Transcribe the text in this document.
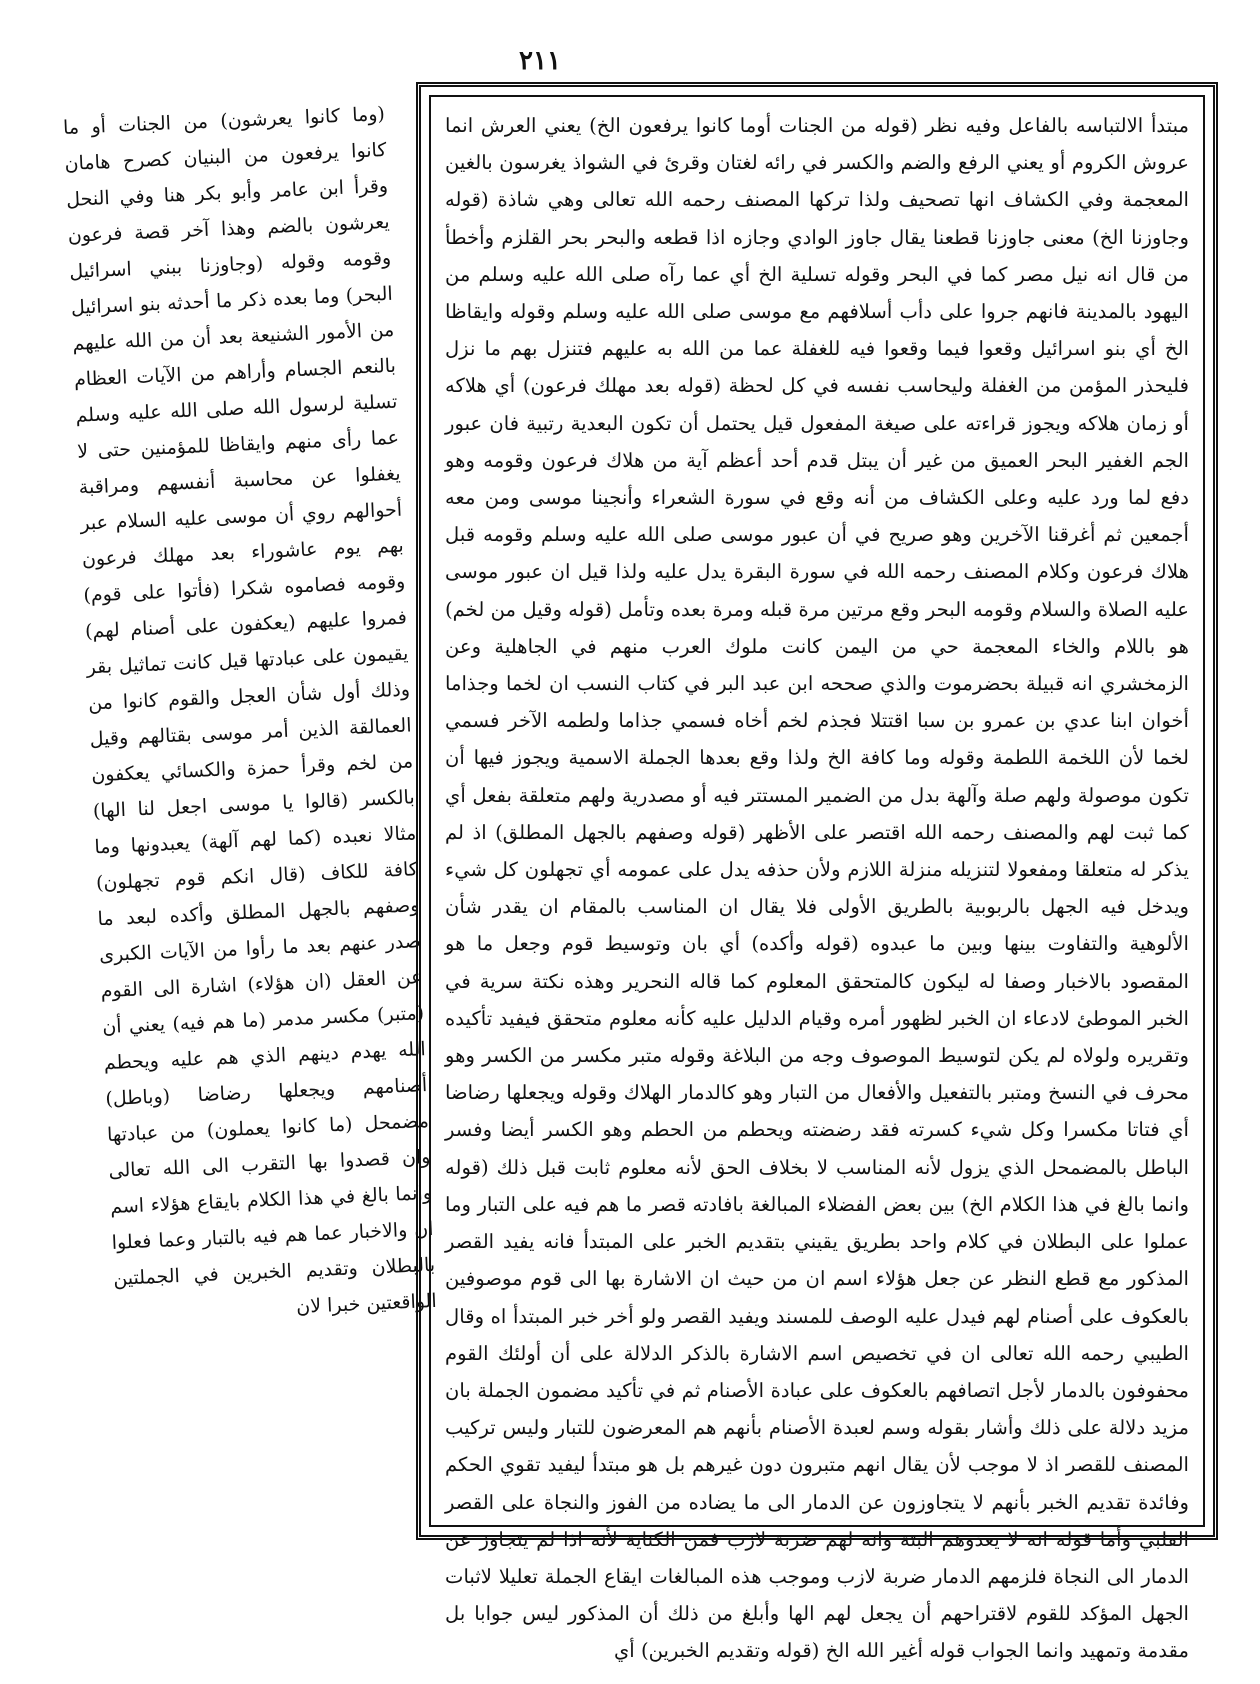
٢١١

(وما كانوا يعرشون) من الجنات أو ما كانوا يرفعون من البنيان كصرح هامان وقرأ ابن عامر وأبو بكر هنا وفي النحل يعرشون بالضم وهذا آخر قصة فرعون وقومه وقوله (وجاوزنا ببني اسرائيل البحر) وما بعده ذكر ما أحدثه بنو اسرائيل من الأمور الشنيعة بعد أن من الله عليهم بالنعم الجسام وأراهم من الآيات العظام تسلية لرسول الله صلى الله عليه وسلم عما رأى منهم وايقاظا للمؤمنين حتى لا يغفلوا عن محاسبة أنفسهم ومراقبة أحوالهم روي أن موسى عليه السلام عبر بهم يوم عاشوراء بعد مهلك فرعون وقومه فصاموه شكرا (فأتوا على قوم) فمروا عليهم (يعكفون على أصنام لهم) يقيمون على عبادتها قيل كانت تماثيل بقر وذلك أول شأن العجل والقوم كانوا من العمالقة الذين أمر موسى بقتالهم وقيل من لخم وقرأ حمزة والكسائي يعكفون بالكسر (قالوا يا موسى اجعل لنا الها) مثالا نعبده (كما لهم آلهة) يعبدونها وما كافة للكاف (قال انكم قوم تجهلون) وصفهم بالجهل المطلق وأكده لبعد ما صدر عنهم بعد ما رأوا من الآيات الكبرى عن العقل (ان هؤلاء) اشارة الى القوم (متبر) مكسر مدمر (ما هم فيه) يعني أن الله يهدم دينهم الذي هم عليه ويحطم أصنامهم ويجعلها رضاضا (وباطل) مضمحل (ما كانوا يعملون) من عبادتها وان قصدوا بها التقرب الى الله تعالى وانما بالغ في هذا الكلام بايقاع هؤلاء اسم ان والاخبار عما هم فيه بالتبار وعما فعلوا بالبطلان وتقديم الخبرين في الجملتين الواقعتين خبرا لان

مبتدأ الالتباسه بالفاعل وفيه نظر (قوله من الجنات أوما كانوا يرفعون الخ) يعني العرش انما عروش الكروم أو يعني الرفع والضم والكسر في رائه لغتان وقرئ في الشواذ يغرسون بالغين المعجمة وفي الكشاف انها تصحيف ولذا تركها المصنف رحمه الله تعالى وهي شاذة (قوله وجاوزنا الخ) معنى جاوزنا قطعنا يقال جاوز الوادي وجازه اذا قطعه والبحر بحر القلزم وأخطأ من قال انه نيل مصر كما في البحر وقوله تسلية الخ أي عما رآه صلى الله عليه وسلم من اليهود بالمدينة فانهم جروا على دأب أسلافهم مع موسى صلى الله عليه وسلم وقوله وايقاظا الخ أي بنو اسرائيل وقعوا فيما وقعوا فيه للغفلة عما من الله به عليهم فتنزل بهم ما نزل فليحذر المؤمن من الغفلة وليحاسب نفسه في كل لحظة (قوله بعد مهلك فرعون) أي هلاكه أو زمان هلاكه ويجوز قراءته على صيغة المفعول قيل يحتمل أن تكون البعدية رتبية فان عبور الجم الغفير البحر العميق من غير أن يبتل قدم أحد أعظم آية من هلاك فرعون وقومه وهو دفع لما ورد عليه وعلى الكشاف من أنه وقع في سورة الشعراء وأنجينا موسى ومن معه أجمعين ثم أغرقنا الآخرين وهو صريح في أن عبور موسى صلى الله عليه وسلم وقومه قبل هلاك فرعون وكلام المصنف رحمه الله في سورة البقرة يدل عليه ولذا قيل ان عبور موسى عليه الصلاة والسلام وقومه البحر وقع مرتين مرة قبله ومرة بعده وتأمل (قوله وقيل من لخم) هو باللام والخاء المعجمة حي من اليمن كانت ملوك العرب منهم في الجاهلية وعن الزمخشري انه قبيلة بحضرموت والذي صححه ابن عبد البر في كتاب النسب ان لخما وجذاما أخوان ابنا عدي بن عمرو بن سبا اقتتلا فجذم لخم أخاه فسمي جذاما ولطمه الآخر فسمي لخما لأن اللخمة اللطمة وقوله وما كافة الخ ولذا وقع بعدها الجملة الاسمية ويجوز فيها أن تكون موصولة ولهم صلة وآلهة بدل من الضمير المستتر فيه أو مصدرية ولهم متعلقة بفعل أي كما ثبت لهم والمصنف رحمه الله اقتصر على الأظهر (قوله وصفهم بالجهل المطلق) اذ لم يذكر له متعلقا ومفعولا لتنزيله منزلة اللازم ولأن حذفه يدل على عمومه أي تجهلون كل شيء ويدخل فيه الجهل بالربوبية بالطريق الأولى فلا يقال ان المناسب بالمقام ان يقدر شأن الألوهية والتفاوت بينها وبين ما عبدوه (قوله وأكده) أي بان وتوسيط قوم وجعل ما هو المقصود بالاخبار وصفا له ليكون كالمتحقق المعلوم كما قاله النحرير وهذه نكتة سرية في الخبر الموطئ لادعاء ان الخبر لظهور أمره وقيام الدليل عليه كأنه معلوم متحقق فيفيد تأكيده وتقريره ولولاه لم يكن لتوسيط الموصوف وجه من البلاغة وقوله متبر مكسر من الكسر وهو محرف في النسخ ومتبر بالتفعيل والأفعال من التبار وهو كالدمار الهلاك وقوله ويجعلها رضاضا أي فتاتا مكسرا وكل شيء كسرته فقد رضضته ويحطم من الحطم وهو الكسر أيضا وفسر الباطل بالمضمحل الذي يزول لأنه المناسب لا بخلاف الحق لأنه معلوم ثابت قبل ذلك (قوله وانما بالغ في هذا الكلام الخ) بين بعض الفضلاء المبالغة بافادته قصر ما هم فيه على التبار وما عملوا على البطلان في كلام واحد بطريق يقيني بتقديم الخبر على المبتدأ فانه يفيد القصر المذكور مع قطع النظر عن جعل هؤلاء اسم ان من حيث ان الاشارة بها الى قوم موصوفين بالعكوف على أصنام لهم فيدل عليه الوصف للمسند ويفيد القصر ولو أخر خبر المبتدأ اه وقال الطيبي رحمه الله تعالى ان في تخصيص اسم الاشارة بالذكر الدلالة على أن أولئك القوم محفوفون بالدمار لأجل اتصافهم بالعكوف على عبادة الأصنام ثم في تأكيد مضمون الجملة بان مزيد دلالة على ذلك وأشار بقوله وسم لعبدة الأصنام بأنهم هم المعرضون للتبار وليس تركيب المصنف للقصر اذ لا موجب لأن يقال انهم متبرون دون غيرهم بل هو مبتدأ ليفيد تقوي الحكم وفائدة تقديم الخبر بأنهم لا يتجاوزون عن الدمار الى ما يضاده من الفوز والنجاة على القصر القلبي وأما قوله انه لا يعدوهم البتة وانه لهم ضربة لازب فمن الكناية لأنه اذا لم يتجاوز عن الدمار الى النجاة فلزمهم الدمار ضربة لازب وموجب هذه المبالغات ايقاع الجملة تعليلا لاثبات الجهل المؤكد للقوم لاقتراحهم أن يجعل لهم الها وأبلغ من ذلك أن المذكور ليس جوابا بل مقدمة وتمهيد وانما الجواب قوله أغير الله الخ (قوله وتقديم الخبرين) أي
